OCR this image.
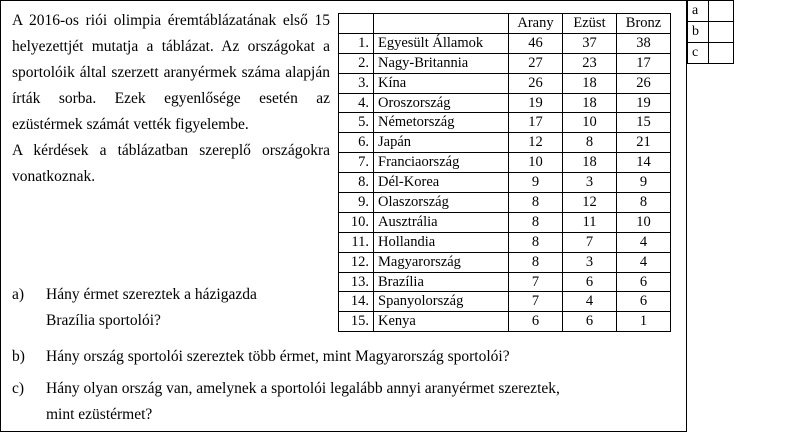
A 2016-os riói olimpia éremtáblázatának első 15 helyezettjét mutatja a táblázat. Az országokat a sportolóik által szerzett aranyérmek száma alapján írták sorba. Ezek egyenlősége esetén az ezüstérmek számát vették figyelembe.

A kérdések a táblázatban szereplő országokra vonatkoznak.

		Arany	Ezüst	Bronz
1.	Egyesült Államok	46	37	38
2.	Nagy-Britannia	27	23	17
3.	Kína	26	18	26
4.	Oroszország	19	18	19
5.	Németország	17	10	15
6.	Japán	12	8	21
7.	Franciaország	10	18	14
8.	Dél-Korea	9	3	9
9.	Olaszország	8	12	8
10.	Ausztrália	8	11	10
11.	Hollandia	8	7	4
12.	Magyarország	8	3	4
13.	Brazília	7	6	6
14.	Spanyolország	7	4	6
15.	Kenya	6	6	1
a	
b	
c	
a) Hány érmet szereztek a házigazda
Brazília sportolói?
b) Hány ország sportolói szereztek több érmet, mint Magyarország sportolói?
c) Hány olyan ország van, amelynek a sportolói legalább annyi aranyérmet szereztek,
mint ezüstérmet?
